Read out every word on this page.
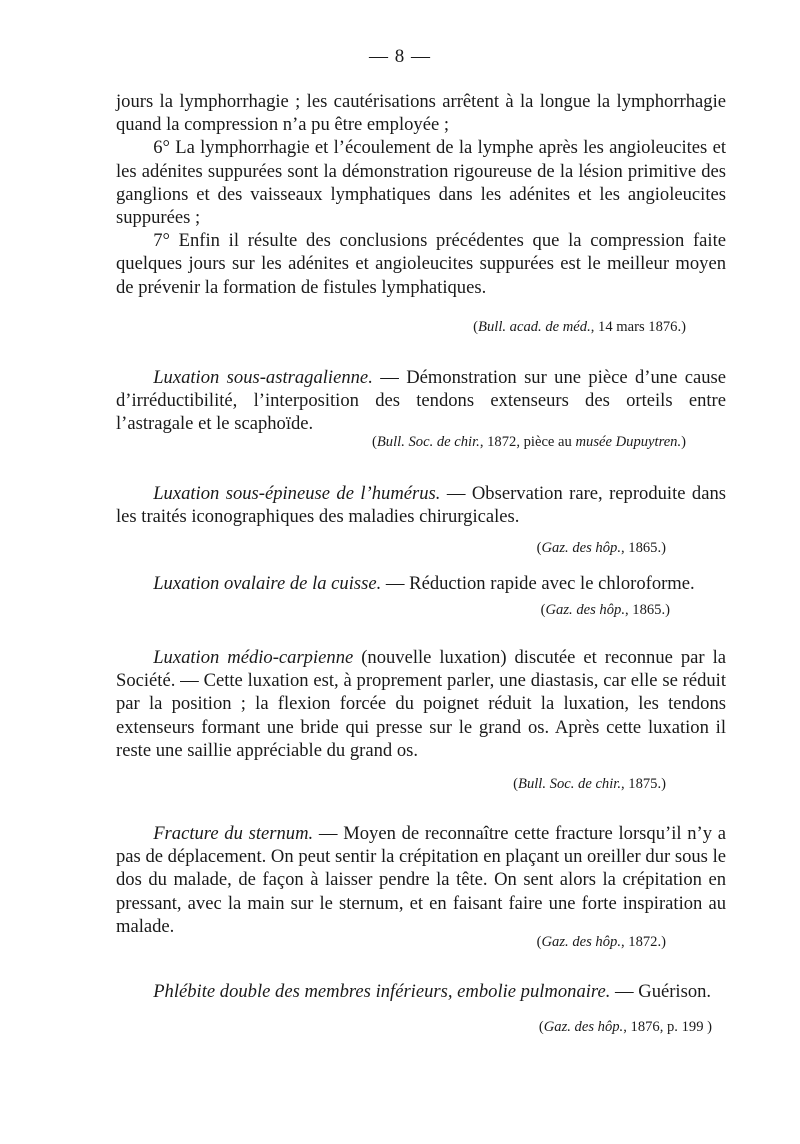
— 8 —

jours la lymphorrhagie ; les cautérisations arrêtent à la longue la lymphorrhagie quand la compression n’a pu être employée ;

6° La lymphorrhagie et l’écoulement de la lymphe après les angioleucites et les adénites suppurées sont la démonstration rigoureuse de la lésion primitive des ganglions et des vaisseaux lymphatiques dans les adénites et les angioleucites suppurées ;

7° Enfin il résulte des conclusions précédentes que la compression faite quelques jours sur les adénites et angioleucites suppurées est le meilleur moyen de prévenir la formation de fistules lymphatiques.

(Bull. acad. de méd., 14 mars 1876.)

Luxation sous-astragalienne. — Démonstration sur une pièce d’une cause d’irréductibilité, l’interposition des tendons extenseurs des orteils entre l’astragale et le scaphoïde.

(Bull. Soc. de chir., 1872, pièce au musée Dupuytren.)

Luxation sous-épineuse de l’humérus. — Observation rare, reproduite dans les traités iconographiques des maladies chirurgicales.

(Gaz. des hôp., 1865.)

Luxation ovalaire de la cuisse. — Réduction rapide avec le chloroforme.

(Gaz. des hôp., 1865.)

Luxation médio-carpienne (nouvelle luxation) discutée et reconnue par la Société. — Cette luxation est, à proprement parler, une diastasis, car elle se réduit par la position ; la flexion forcée du poignet réduit la luxation, les tendons extenseurs formant une bride qui presse sur le grand os. Après cette luxation il reste une saillie appréciable du grand os.

(Bull. Soc. de chir., 1875.)

Fracture du sternum. — Moyen de reconnaître cette fracture lorsqu’il n’y a pas de déplacement. On peut sentir la crépitation en plaçant un oreiller dur sous le dos du malade, de façon à laisser pendre la tête. On sent alors la crépitation en pressant, avec la main sur le sternum, et en faisant faire une forte inspiration au malade.

(Gaz. des hôp., 1872.)

Phlébite double des membres inférieurs, embolie pulmonaire. — Guérison.

(Gaz. des hôp., 1876, p. 199 )
